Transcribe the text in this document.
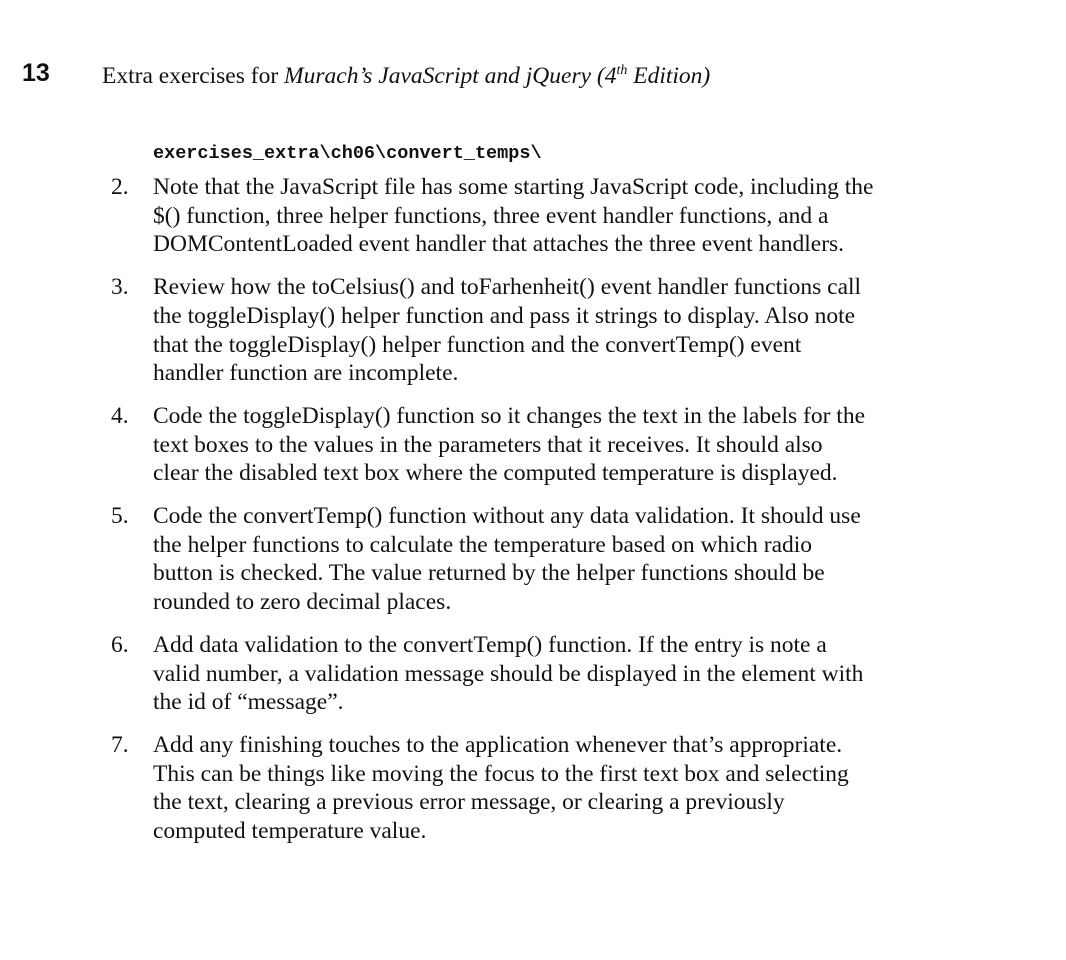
13 Extra exercises for Murach’s JavaScript and jQuery (4th Edition)
exercises_extra\ch06\convert_temps\
2.	Note that the JavaScript file has some starting JavaScript code, including the
$() function, three helper functions, three event handler functions, and a
DOMContentLoaded event handler that attaches the three event handlers.
3.	Review how the toCelsius() and toFarhenheit() event handler functions call
the toggleDisplay() helper function and pass it strings to display. Also note
that the toggleDisplay() helper function and the convertTemp() event
handler function are incomplete.
4.	Code the toggleDisplay() function so it changes the text in the labels for the
text boxes to the values in the parameters that it receives. It should also
clear the disabled text box where the computed temperature is displayed.
5.	Code the convertTemp() function without any data validation. It should use
the helper functions to calculate the temperature based on which radio
button is checked. The value returned by the helper functions should be
rounded to zero decimal places.
6.	Add data validation to the convertTemp() function. If the entry is note a
valid number, a validation message should be displayed in the element with
the id of “message”.
7.	Add any finishing touches to the application whenever that’s appropriate.
This can be things like moving the focus to the first text box and selecting
the text, clearing a previous error message, or clearing a previously
computed temperature value.
